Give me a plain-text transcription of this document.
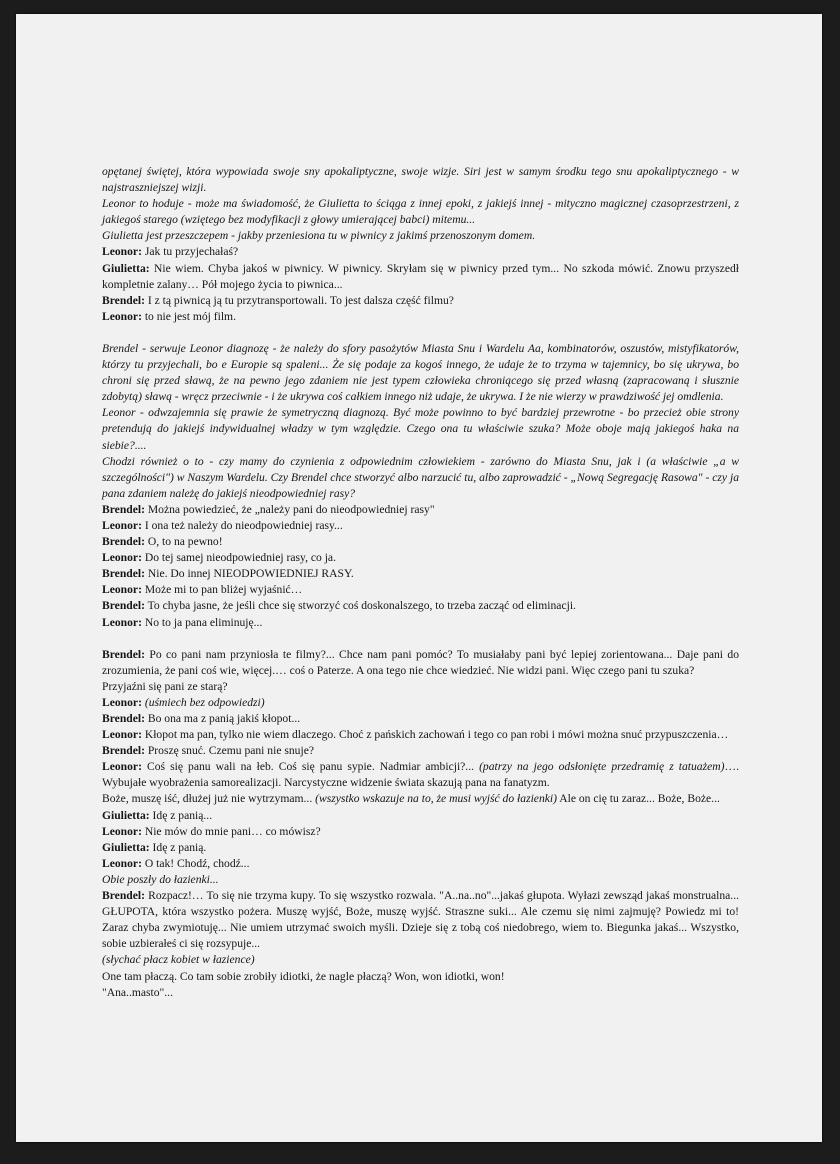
opętanej świętej, która wypowiada swoje sny apokaliptyczne, swoje wizje. Siri jest w samym środku tego snu apokaliptycznego - w najstraszniejszej wizji.

Leonor to hoduje - może ma świadomość, że Giulietta to ściąga z innej epoki, z jakiejś innej - mityczno magicznej czasoprzestrzeni, z jakiegoś starego (wziętego bez modyfikacji z głowy umierającej babci) mitemu...

Giulietta jest przeszczepem - jakby przeniesiona tu w piwnicy z jakimś przenoszonym domem.

Leonor: Jak tu przyjechałaś?

Giulietta: Nie wiem. Chyba jakoś w piwnicy. W piwnicy. Skryłam się w piwnicy przed tym... No szkoda mówić. Znowu przyszedł kompletnie zalany… Pół mojego życia to piwnica...

Brendel: I z tą piwnicą ją tu przytransportowali. To jest dalsza część filmu?

Leonor: to nie jest mój film.

Brendel - serwuje Leonor diagnozę - że należy do sfory pasożytów Miasta Snu i Wardelu Aa, kombinatorów, oszustów, mistyfikatorów, którzy tu przyjechali, bo e Europie są spaleni... Że się podaje za kogoś innego, że udaje że to trzyma w tajemnicy, bo się ukrywa, bo chroni się przed sławą, że na pewno jego zdaniem nie jest typem człowieka chroniącego się przed własną (zapracowaną i słusznie zdobytą) sławą - wręcz przeciwnie - i że ukrywa coś całkiem innego niż udaje, że ukrywa. I że nie wierzy w prawdziwość jej omdlenia.

Leonor - odwzajemnia się prawie że symetryczną diagnozą. Być może powinno to być bardziej przewrotne - bo przecież obie strony pretendują do jakiejś indywidualnej władzy w tym względzie. Czego ona tu właściwie szuka? Może oboje mają jakiegoś haka na siebie?....

Chodzi również o to - czy mamy do czynienia z odpowiednim człowiekiem - zarówno do Miasta Snu, jak i (a właściwie „a w szczególności") w Naszym Wardelu. Czy Brendel chce stworzyć albo narzucić tu, albo zaprowadzić - „Nową Segregację Rasowa" - czy ja pana zdaniem należę do jakiejś nieodpowiedniej rasy?

Brendel: Można powiedzieć, że „należy pani do nieodpowiedniej rasy"

Leonor: I ona też należy do nieodpowiedniej rasy...

Brendel: O, to na pewno!

Leonor: Do tej samej nieodpowiedniej rasy, co ja.

Brendel: Nie. Do innej NIEODPOWIEDNIEJ RASY.

Leonor: Może mi to pan bliżej wyjaśnić…

Brendel: To chyba jasne, że jeśli chce się stworzyć coś doskonalszego, to trzeba zacząć od eliminacji.

Leonor: No to ja pana eliminuję...

Brendel: Po co pani nam przyniosła te filmy?... Chce nam pani pomóc? To musiałaby pani być lepiej zorientowana... Daje pani do zrozumienia, że pani coś wie, więcej.… coś o Paterze. A ona tego nie chce wiedzieć. Nie widzi pani. Więc czego pani tu szuka?

Przyjaźni się pani ze starą?

Leonor: (uśmiech bez odpowiedzi)

Brendel: Bo ona ma z panią jakiś kłopot...

Leonor: Kłopot ma pan, tylko nie wiem dlaczego. Choć z pańskich zachowań i tego co pan robi i mówi można snuć przypuszczenia…

Brendel: Proszę snuć. Czemu pani nie snuje?

Leonor: Coś się panu wali na łeb. Coś się panu sypie. Nadmiar ambicji?... (patrzy na jego odsłonięte przedramię z tatuażem)…. Wybujałe wyobrażenia samorealizacji. Narcystyczne widzenie świata skazują pana na fanatyzm.

Boże, muszę iść, dłużej już nie wytrzymam... (wszystko wskazuje na to, że musi wyjść do łazienki) Ale on cię tu zaraz... Boże, Boże...

Giulietta: Idę z panią...

Leonor: Nie mów do mnie pani… co mówisz?

Giulietta: Idę z panią.

Leonor: O tak! Chodź, chodź...

Obie poszły do łazienki...

Brendel: Rozpacz!… To się nie trzyma kupy. To się wszystko rozwala. "A..na..no"...jakaś głupota. Wyłazi zewsząd jakaś monstrualna... GŁUPOTA, która wszystko pożera. Muszę wyjść, Boże, muszę wyjść. Straszne suki... Ale czemu się nimi zajmuję? Powiedz mi to! Zaraz chyba zwymiotuję... Nie umiem utrzymać swoich myśli. Dzieje się z tobą coś niedobrego, wiem to. Biegunka jakaś... Wszystko, sobie uzbierałeś ci się rozsypuje...

(słychać płacz kobiet w łazience)

One tam płaczą. Co tam sobie zrobiły idiotki, że nagle płaczą? Won, won idiotki, won!

"Ana..masto"...
